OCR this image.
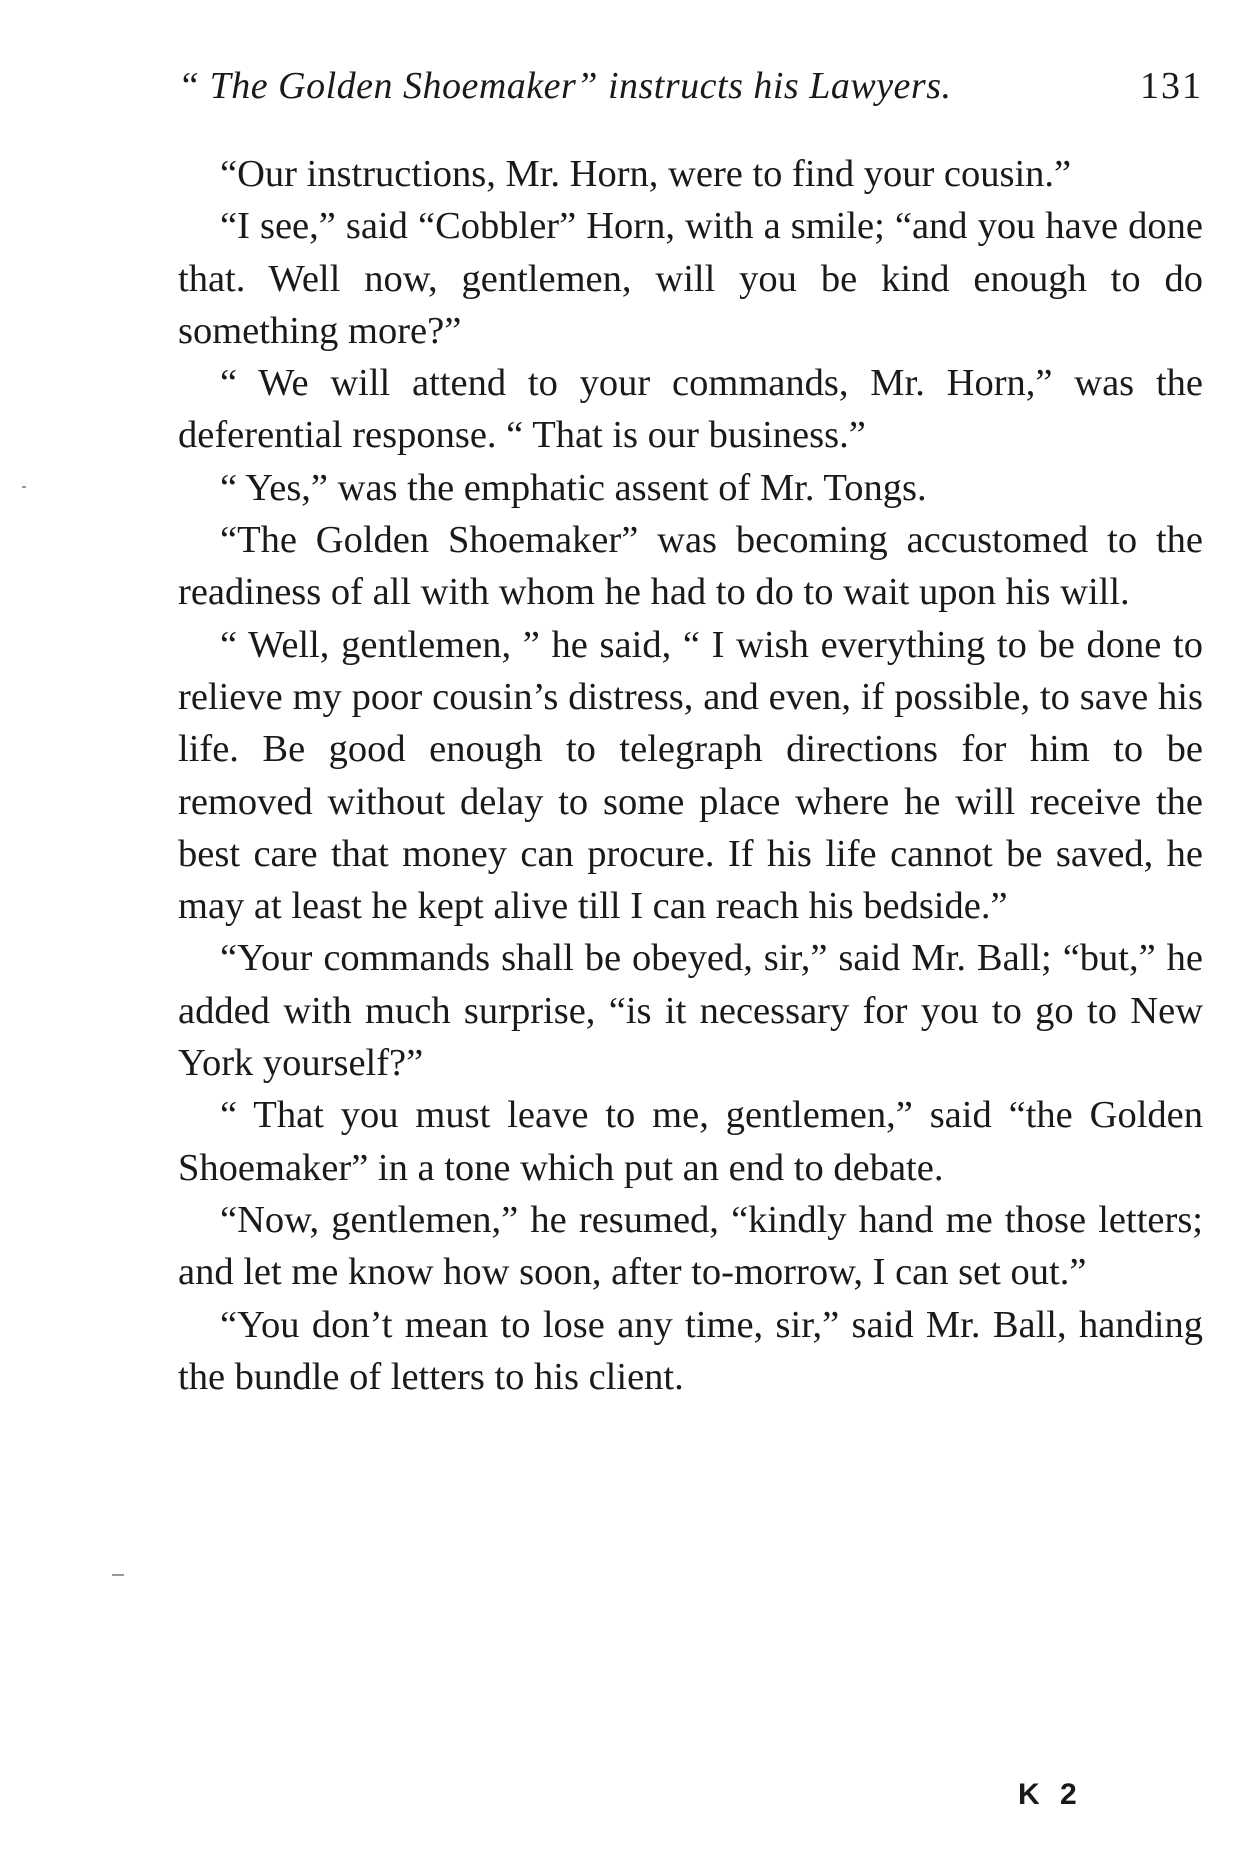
“ The Golden Shoemaker” instructs his Lawyers.	131

“Our instructions, Mr. Horn, were to find your cousin.”

“I see,” said “Cobbler” Horn, with a smile; “and you have done that. Well now, gentlemen, will you be kind enough to do something more?”

“ We will attend to your commands, Mr. Horn,” was the deferential response. “ That is our business.”

“ Yes,” was the emphatic assent of Mr. Tongs.

“The Golden Shoemaker” was becoming accustomed to the readiness of all with whom he had to do to wait upon his will.

“ Well, gentlemen, ” he said, “ I wish everything to be done to relieve my poor cousin’s distress, and even, if possible, to save his life. Be good enough to telegraph directions for him to be removed without delay to some place where he will receive the best care that money can procure. If his life cannot be saved, he may at least he kept alive till I can reach his bedside.”

“Your commands shall be obeyed, sir,” said Mr. Ball; “but,” he added with much surprise, “is it necessary for you to go to New York yourself?”

“ That you must leave to me, gentlemen,” said “the Golden Shoemaker” in a tone which put an end to debate.

“Now, gentlemen,” he resumed, “kindly hand me those letters; and let me know how soon, after to-morrow, I can set out.”

“You don’t mean to lose any time, sir,” said Mr. Ball, handing the bundle of letters to his client.

K 2
